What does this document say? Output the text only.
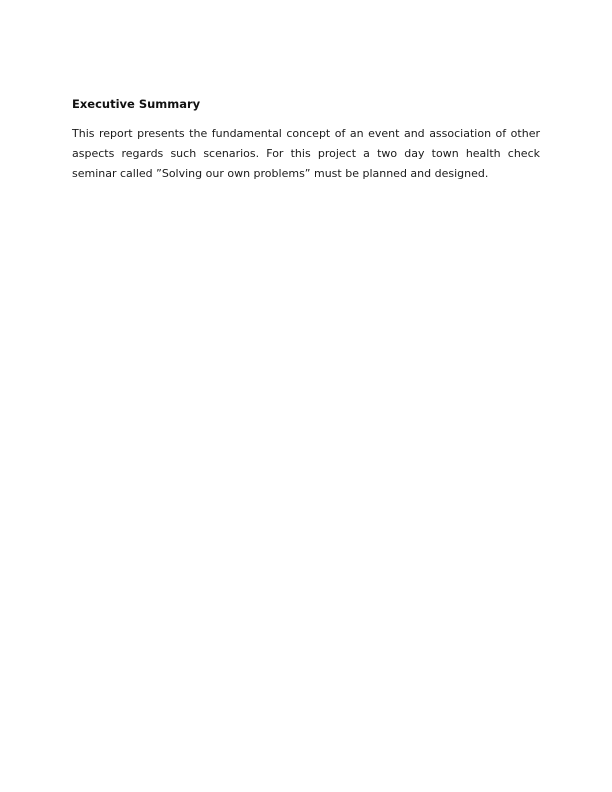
Executive Summary

This report presents the fundamental concept of an event and association of other aspects regards such scenarios. For this project a two day town health check seminar called ”Solving our own problems” must be planned and designed.
